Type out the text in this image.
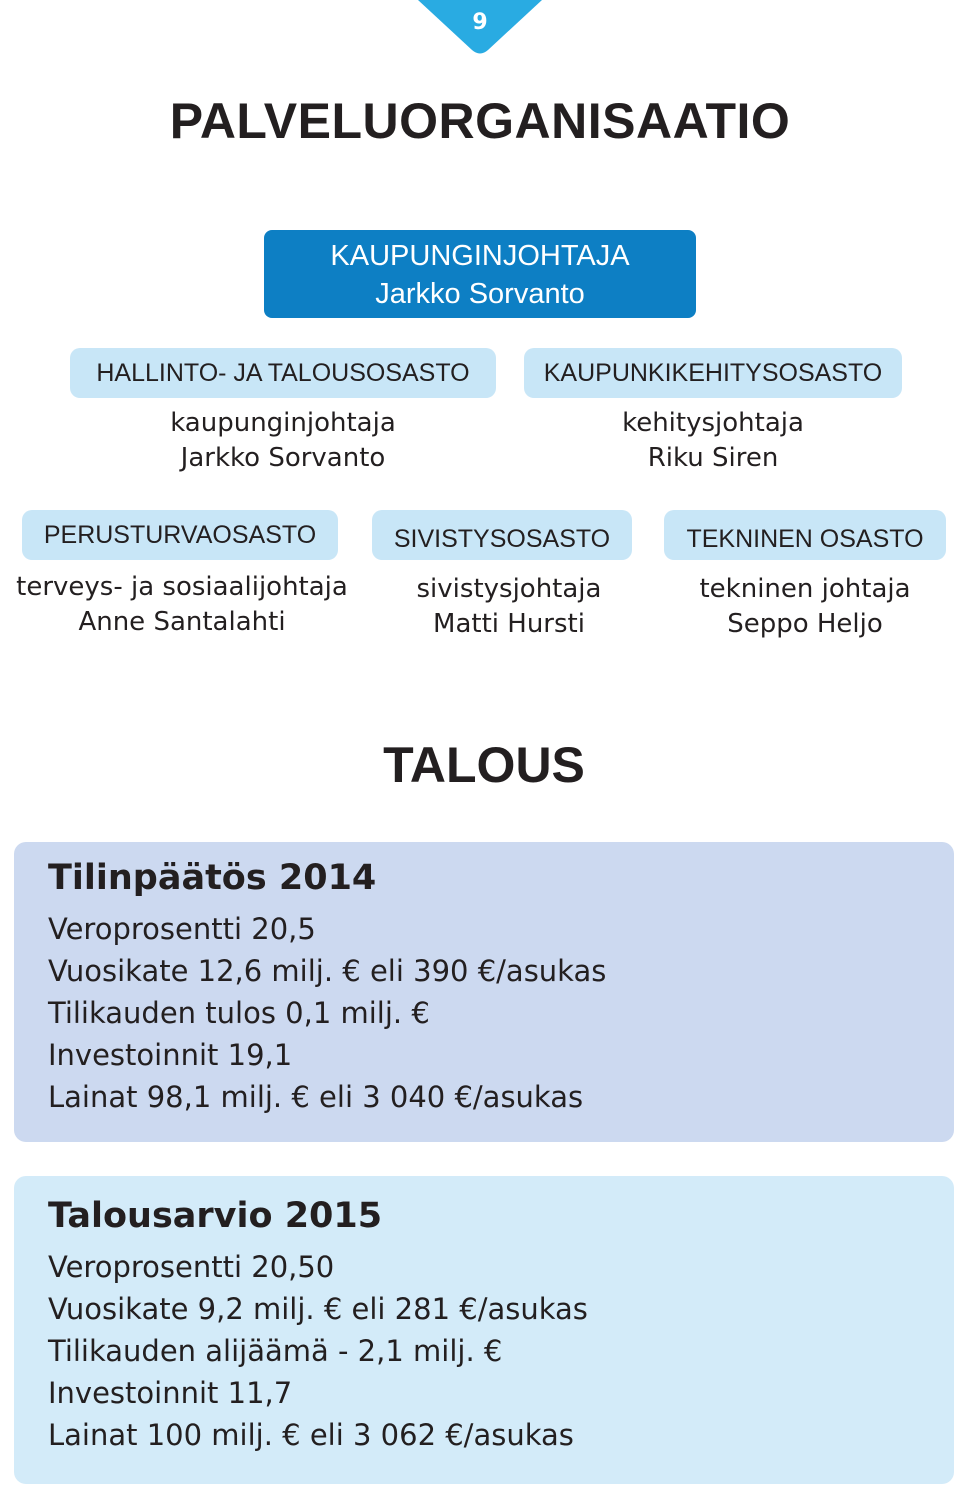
9
PALVELUORGANISAATIO
KAUPUNGINJOHTAJA
Jarkko Sorvanto
HALLINTO- JA TALOUSOSASTO
kaupunginjohtaja
Jarkko Sorvanto
KAUPUNKIKEHITYSOSASTO
kehitysjohtaja
Riku Siren
PERUSTURVAOSASTO
terveys- ja sosiaalijohtaja
Anne Santalahti
SIVISTYSOSASTO
sivistysjohtaja
Matti Hursti
TEKNINEN OSASTO
tekninen johtaja
Seppo Heljo
TALOUS
Tilinpäätös 2014
Veroprosentti 20,5
Vuosikate 12,6 milj. € eli 390 €/asukas
Tilikauden tulos 0,1 milj. €
Investoinnit 19,1
Lainat 98,1 milj. € eli 3 040 €/asukas
Talousarvio 2015
Veroprosentti 20,50
Vuosikate 9,2 milj. € eli 281 €/asukas
Tilikauden alijäämä - 2,1 milj. €
Investoinnit 11,7
Lainat 100 milj. € eli 3 062 €/asukas
